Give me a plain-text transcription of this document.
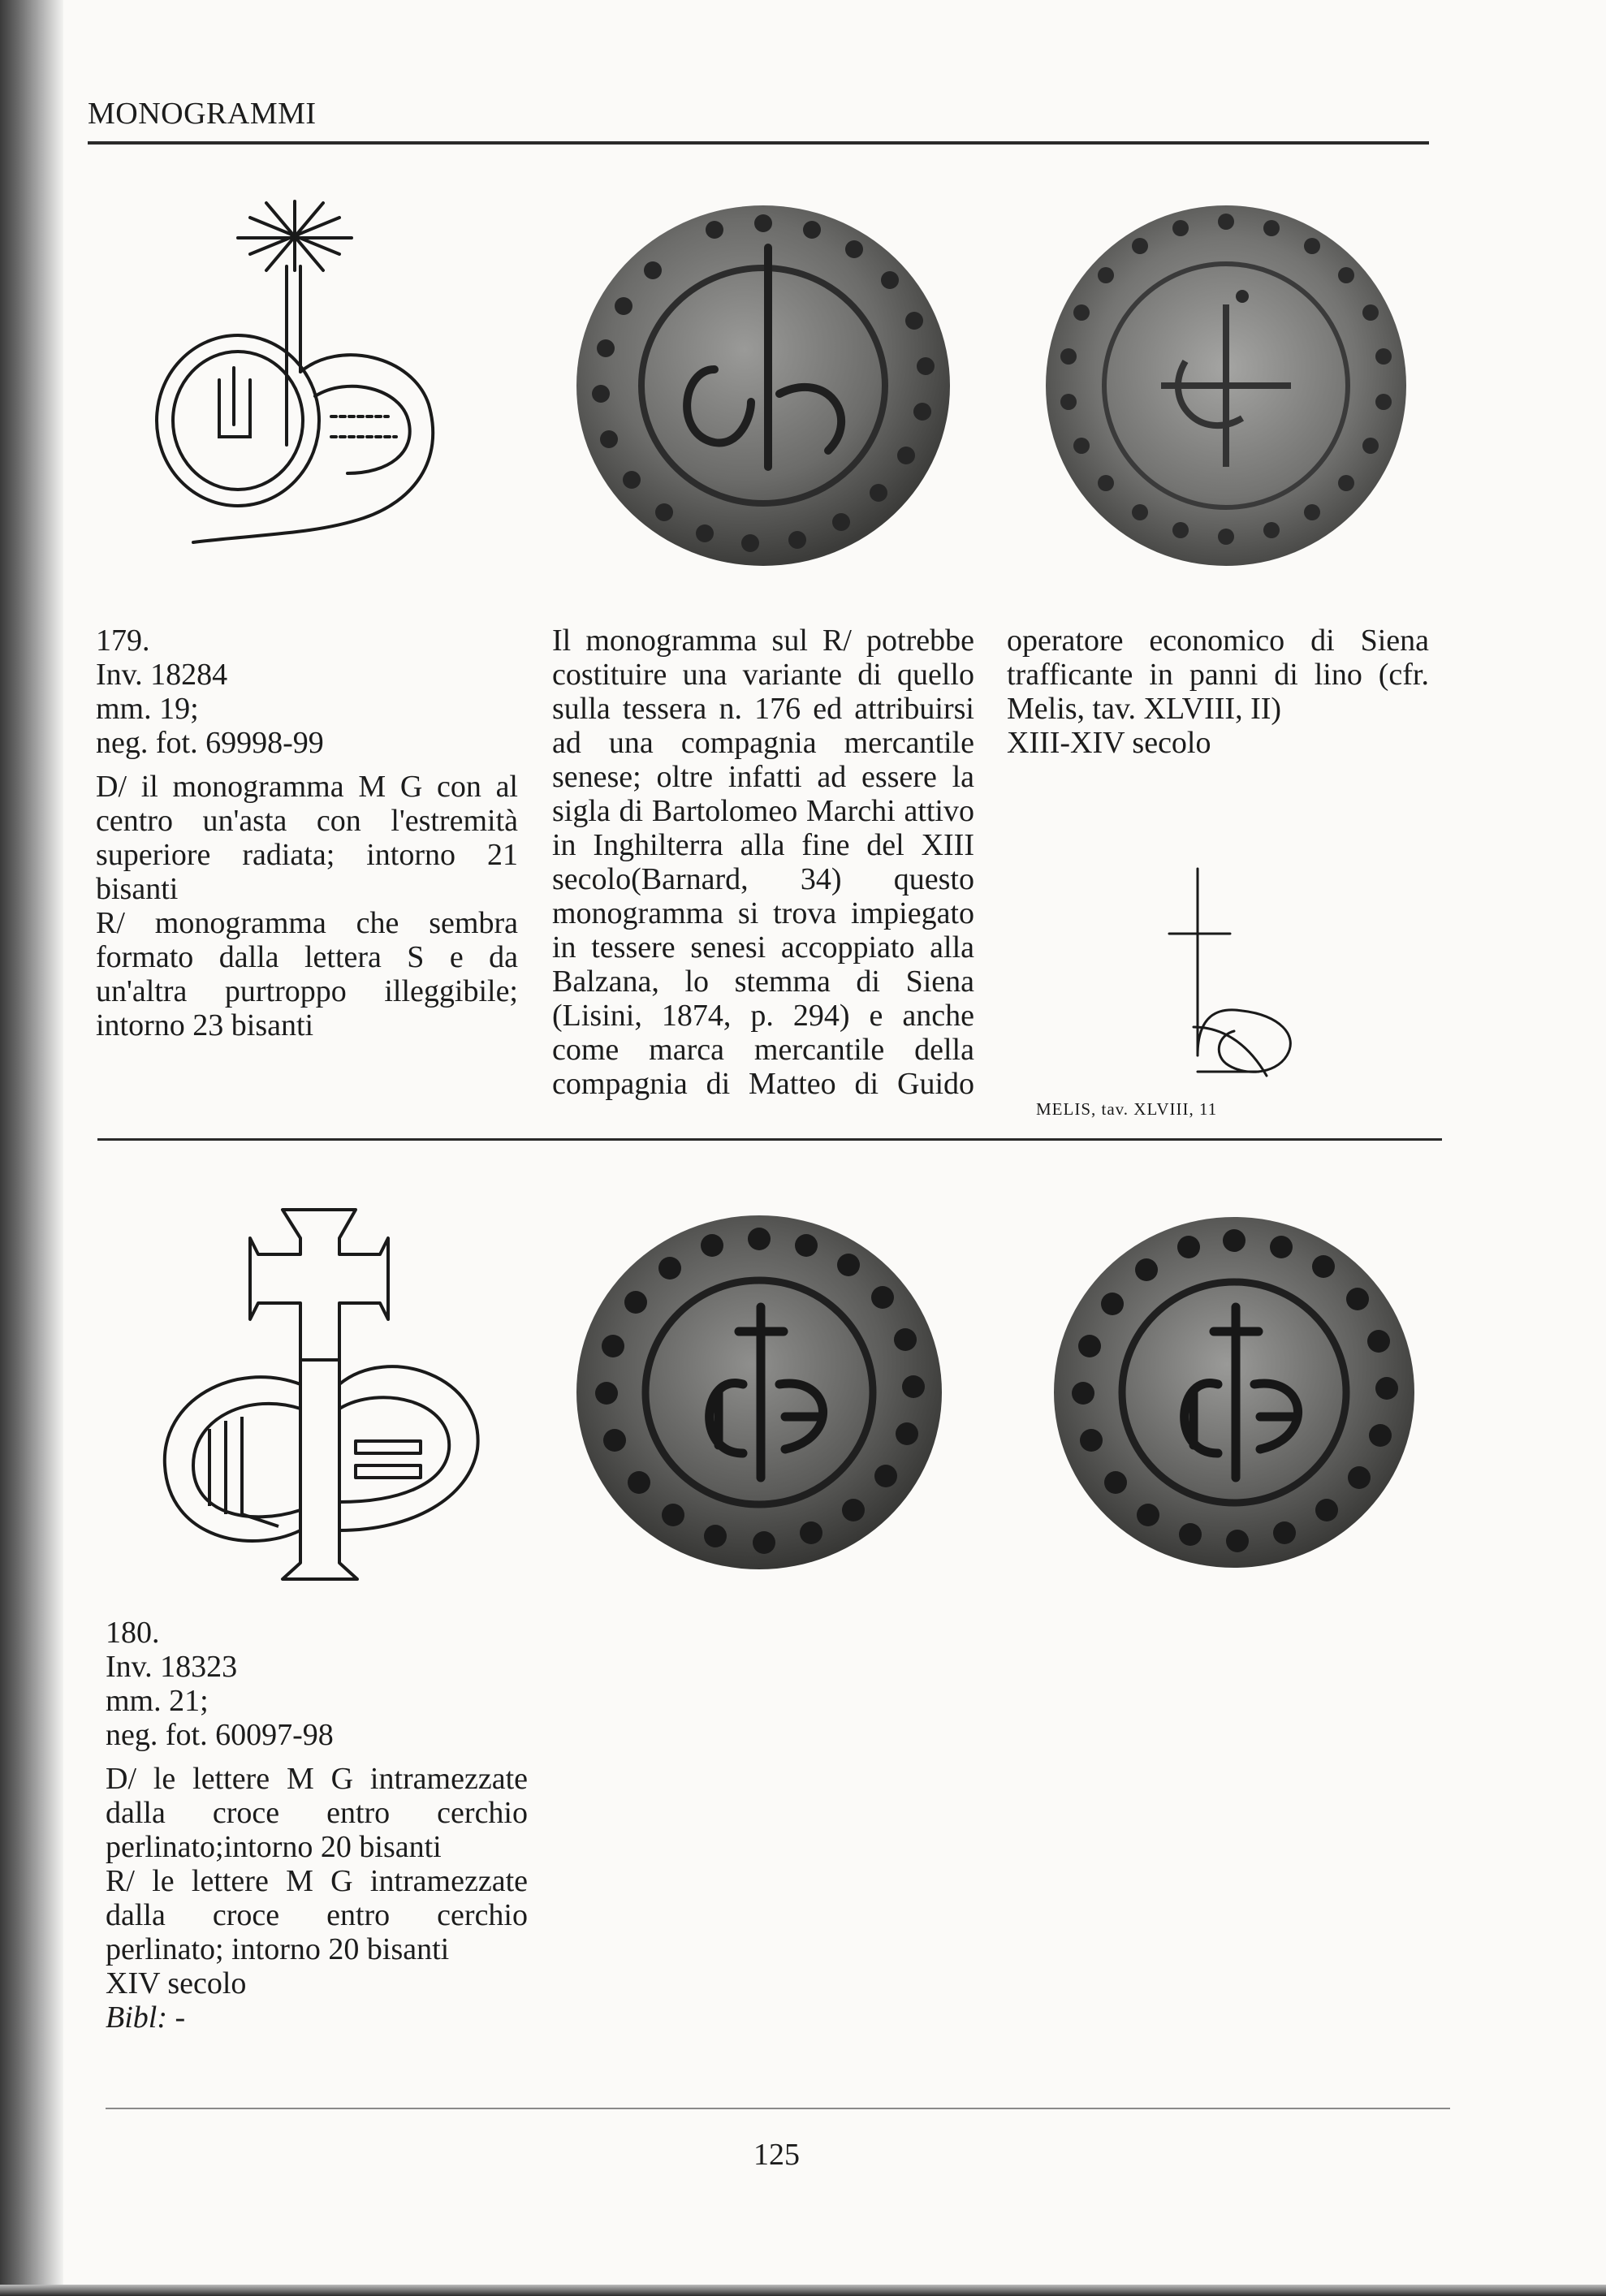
MONOGRAMMI

179.

Inv. 18284

mm. 19;

neg. fot. 69998-99

D/ il monogramma M G con al centro un'asta con l'estremità superiore radiata; intorno 21 bisanti

R/ monogramma che sembra formato dalla lettera S e da un'altra purtroppo illeggibile; intorno 23 bisanti

Il monogramma sul R/ potrebbe costituire una variante di quello sulla tessera n. 176 ed attribuirsi ad una compagnia mercantile senese; oltre infatti ad essere la sigla di Bartolomeo Marchi attivo in Inghilterra alla fine del XIII secolo(Barnard, 34) questo monogramma si trova impiegato in tessere senesi accoppiato alla Balzana, lo stemma di Siena (Lisini, 1874, p. 294) e anche come marca mercantile della compagnia di Matteo di Guido operatore economico di Siena trafficante in panni di lino (cfr. Melis, tav. XLVIII, II)

XIII-XIV secolo

MELIS, tav. XLVIII, 11

180.

Inv. 18323

mm. 21;

neg. fot. 60097-98

D/ le lettere M G intramezzate dalla croce entro cerchio perlinato;intorno 20 bisanti

R/ le lettere M G intramezzate dalla croce entro cerchio perlinato; intorno 20 bisanti

XIV secolo

Bibl: -

125
